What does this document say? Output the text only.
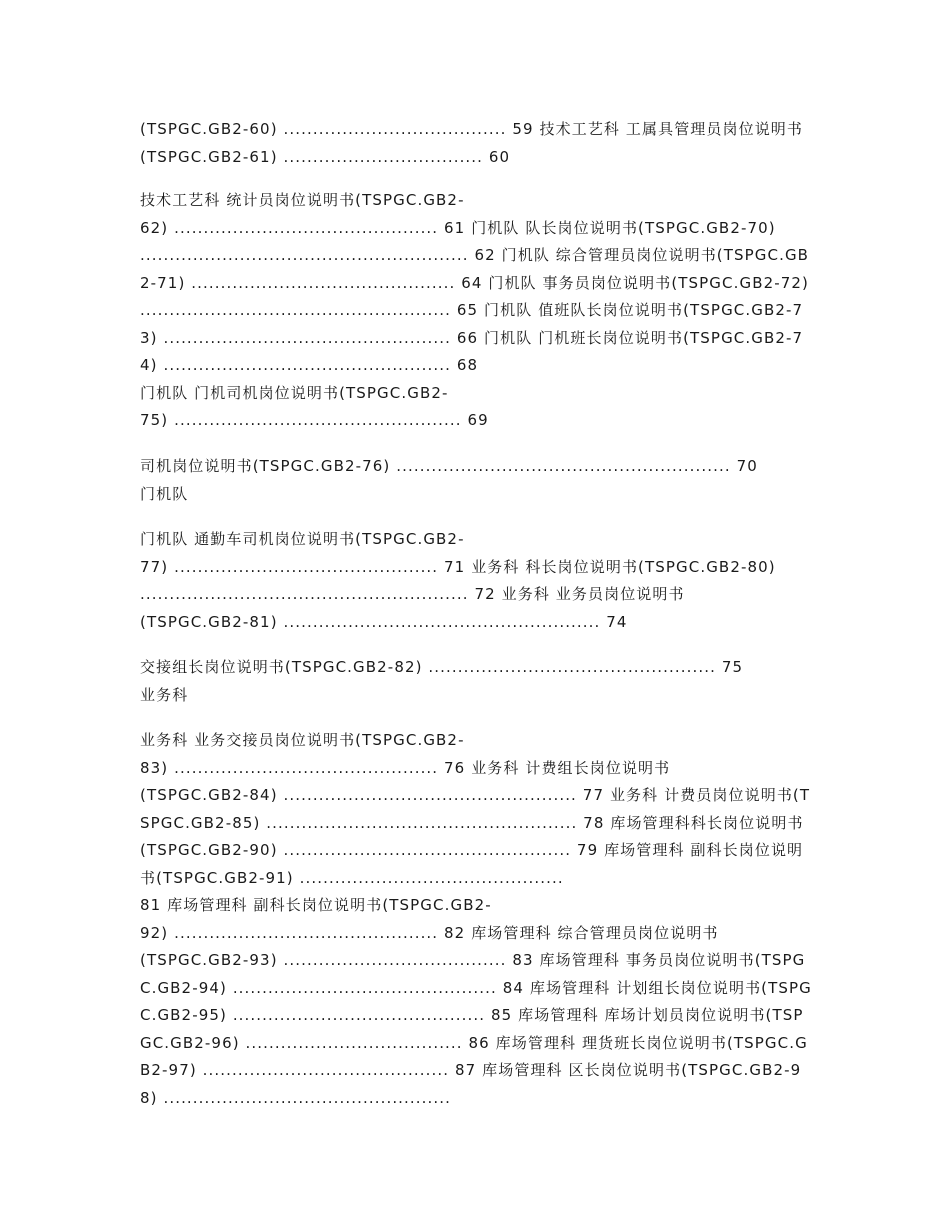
(TSPGC.GB2-60) ...................................... 59 技术工艺科 工属具管理员岗位说明书(TSPGC.GB2-61) .................................. 60

技术工艺科 统计员岗位说明书(TSPGC.GB2-
62) ............................................. 61 门机队 队长岗位说明书(TSPGC.GB2-70) ........................................................ 62 门机队 综合管理员岗位说明书(TSPGC.GB2-71) ............................................. 64 门机队 事务员岗位说明书(TSPGC.GB2-72) ..................................................... 65 门机队 值班队长岗位说明书(TSPGC.GB2-73) ................................................. 66 门机队 门机班长岗位说明书(TSPGC.GB2-74) ................................................. 68
门机队 门机司机岗位说明书(TSPGC.GB2-
75) ................................................. 69

司机岗位说明书(TSPGC.GB2-76) ......................................................... 70
门机队

门机队 通勤车司机岗位说明书(TSPGC.GB2-
77) ............................................. 71 业务科 科长岗位说明书(TSPGC.GB2-80) ........................................................ 72 业务科 业务员岗位说明书
(TSPGC.GB2-81) ...................................................... 74

交接组长岗位说明书(TSPGC.GB2-82) ................................................. 75
业务科

业务科 业务交接员岗位说明书(TSPGC.GB2-
83) ............................................. 76 业务科 计费组长岗位说明书
(TSPGC.GB2-84) .................................................. 77 业务科 计费员岗位说明书(TSPGC.GB2-85) ..................................................... 78 库场管理科科长岗位说明书(TSPGC.GB2-90) ................................................. 79 库场管理科 副科长岗位说明书(TSPGC.GB2-91) .............................................
81 库场管理科 副科长岗位说明书(TSPGC.GB2-
92) ............................................. 82 库场管理科 综合管理员岗位说明书
(TSPGC.GB2-93) ...................................... 83 库场管理科 事务员岗位说明书(TSPGC.GB2-94) ............................................. 84 库场管理科 计划组长岗位说明书(TSPGC.GB2-95) ........................................... 85 库场管理科 库场计划员岗位说明书(TSPGC.GB2-96) ..................................... 86 库场管理科 理货班长岗位说明书(TSPGC.GB2-97) .......................................... 87 库场管理科 区长岗位说明书(TSPGC.GB2-98) .................................................
